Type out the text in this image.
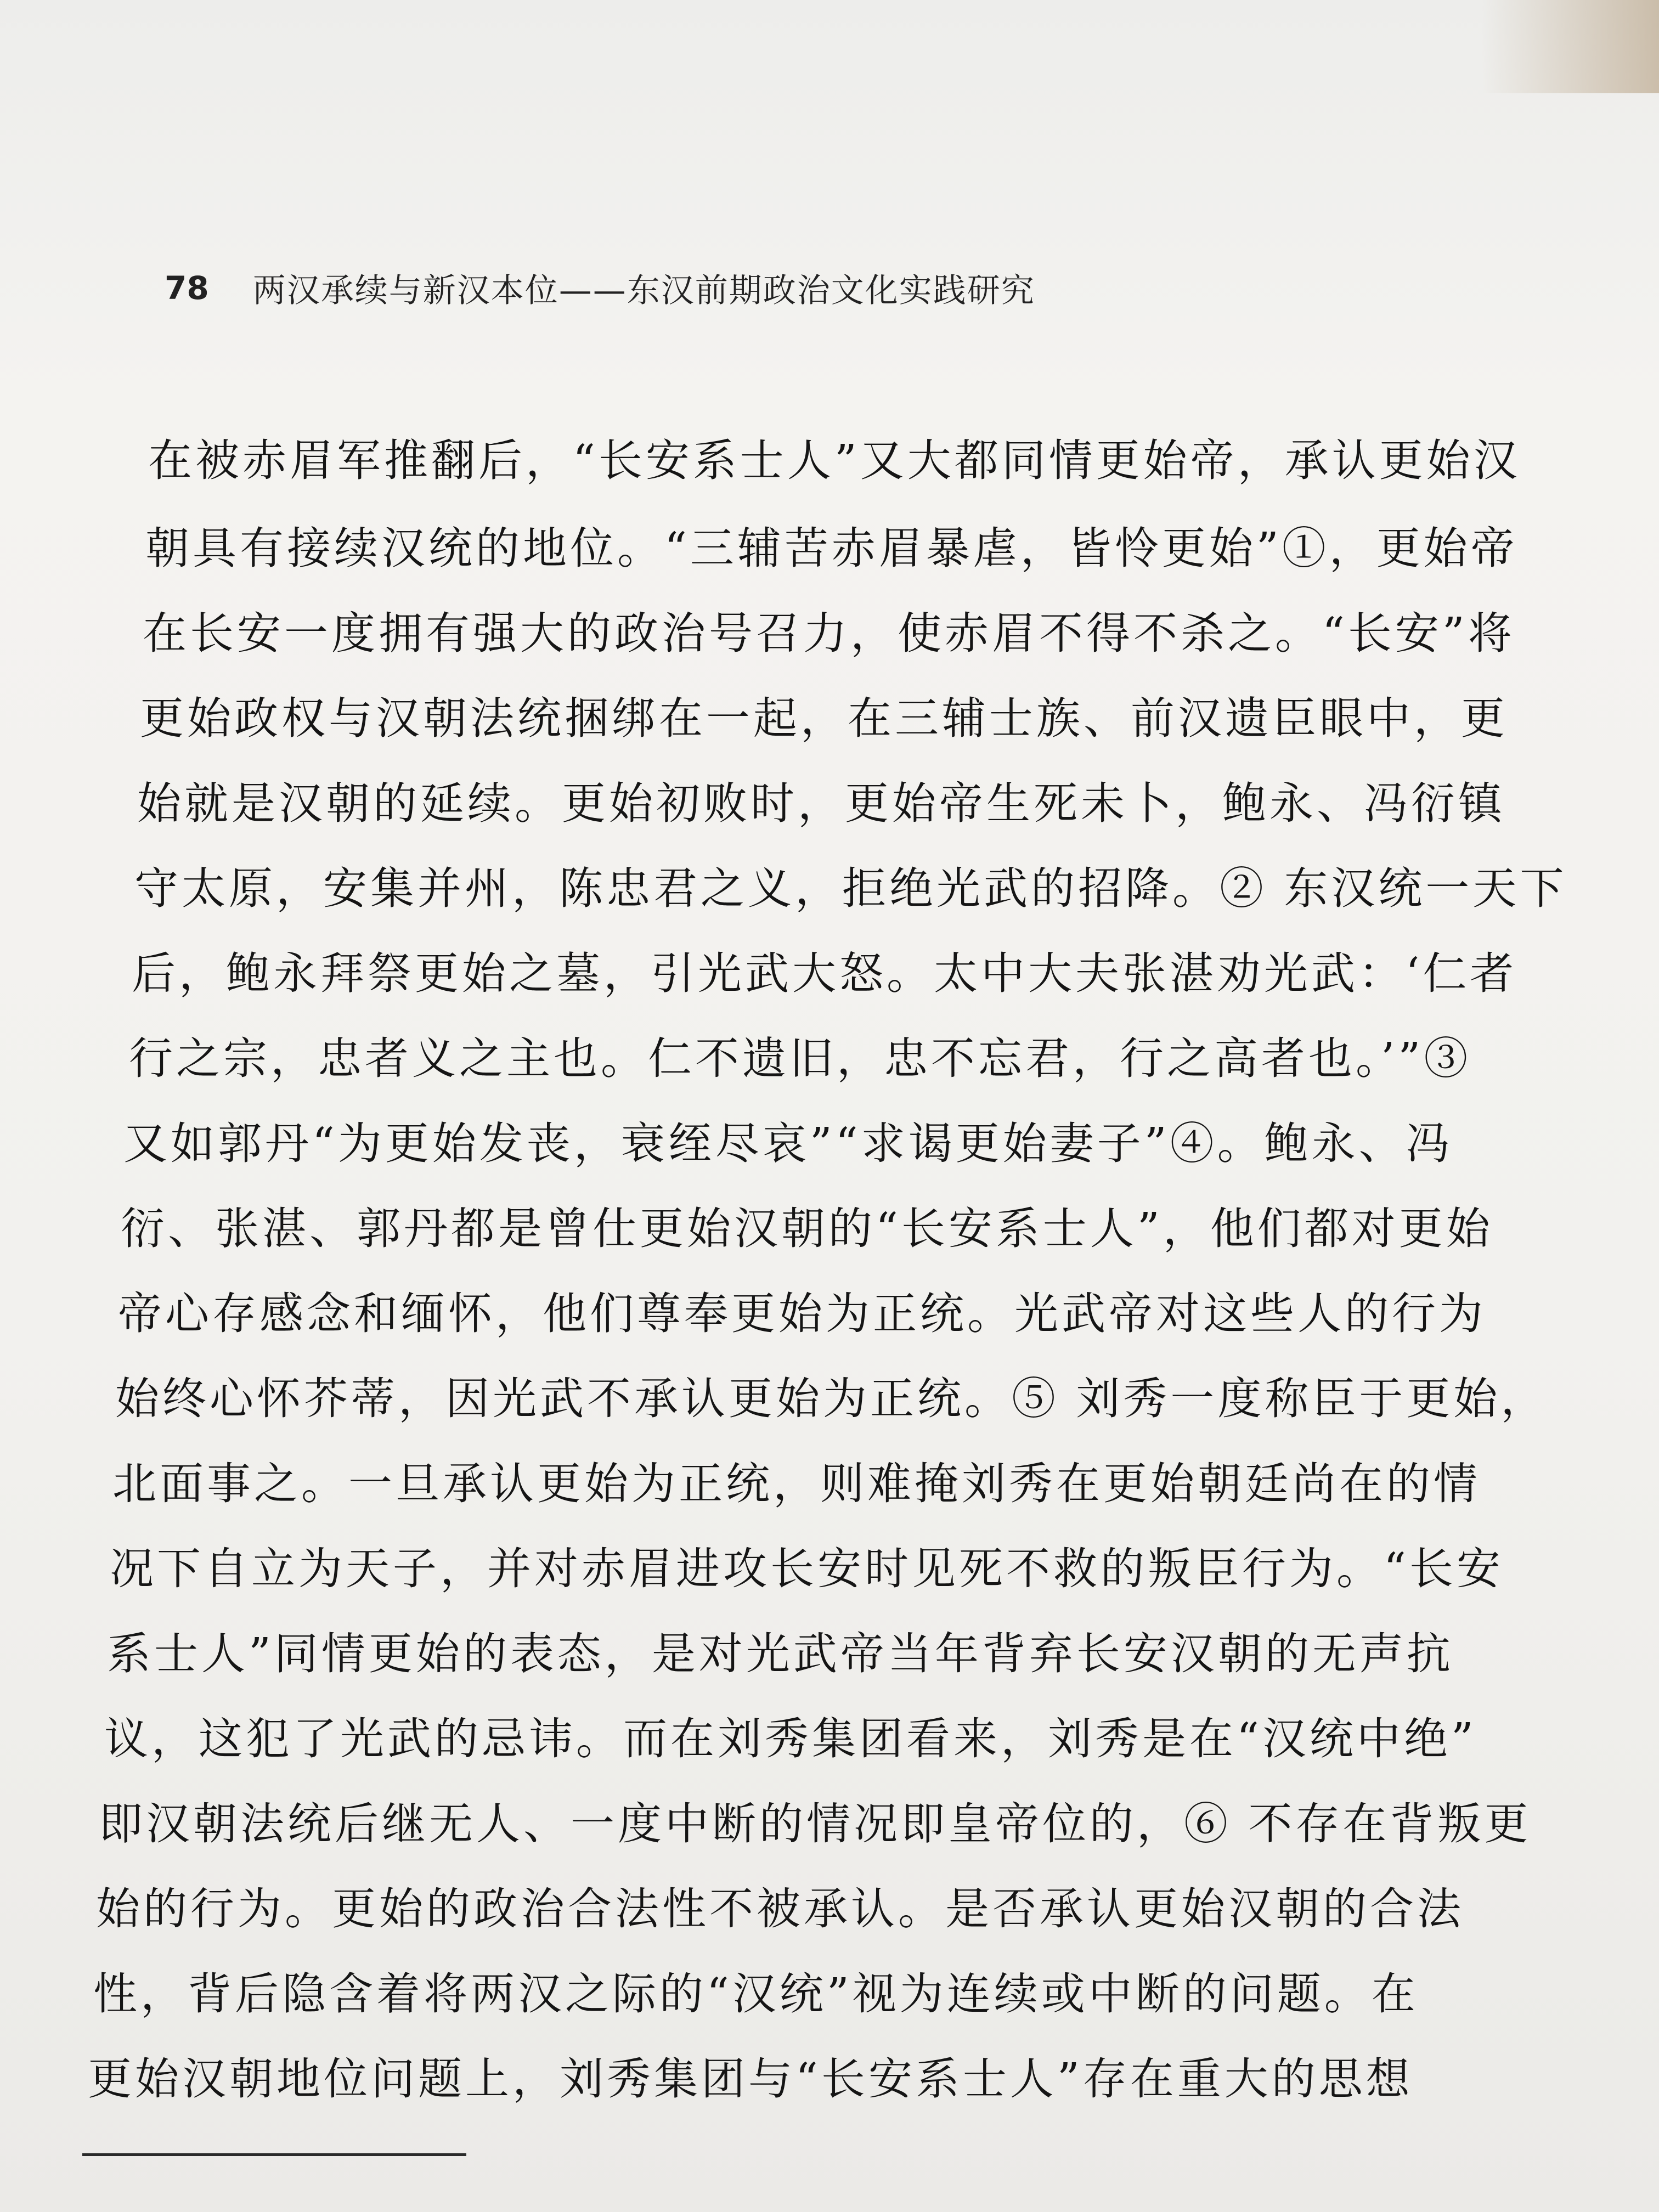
78 两汉承续与新汉本位——东汉前期政治文化实践研究
在被赤眉军推翻后，“长安系士人”又大都同情更始帝，承认更始汉
朝具有接续汉统的地位。“三辅苦赤眉暴虐，皆怜更始”①，更始帝
在长安一度拥有强大的政治号召力，使赤眉不得不杀之。“长安”将
更始政权与汉朝法统捆绑在一起，在三辅士族、前汉遗臣眼中，更
始就是汉朝的延续。更始初败时，更始帝生死未卜，鲍永、冯衍镇
守太原，安集并州，陈忠君之义，拒绝光武的招降。② 东汉统一天下
后，鲍永拜祭更始之墓，引光武大怒。太中大夫张湛劝光武：‘仁者
行之宗，忠者义之主也。仁不遗旧，忠不忘君，行之高者也。’”③
又如郭丹“为更始发丧，衰绖尽哀”“求谒更始妻子”④。鲍永、冯
衍、张湛、郭丹都是曾仕更始汉朝的“长安系士人”，他们都对更始
帝心存感念和缅怀，他们尊奉更始为正统。光武帝对这些人的行为
始终心怀芥蒂，因光武不承认更始为正统。⑤ 刘秀一度称臣于更始，
北面事之。一旦承认更始为正统，则难掩刘秀在更始朝廷尚在的情
况下自立为天子，并对赤眉进攻长安时见死不救的叛臣行为。“长安
系士人”同情更始的表态，是对光武帝当年背弃长安汉朝的无声抗
议，这犯了光武的忌讳。而在刘秀集团看来，刘秀是在“汉统中绝”
即汉朝法统后继无人、一度中断的情况即皇帝位的，⑥ 不存在背叛更
始的行为。更始的政治合法性不被承认。是否承认更始汉朝的合法
性，背后隐含着将两汉之际的“汉统”视为连续或中断的问题。在
更始汉朝地位问题上，刘秀集团与“长安系士人”存在重大的思想
